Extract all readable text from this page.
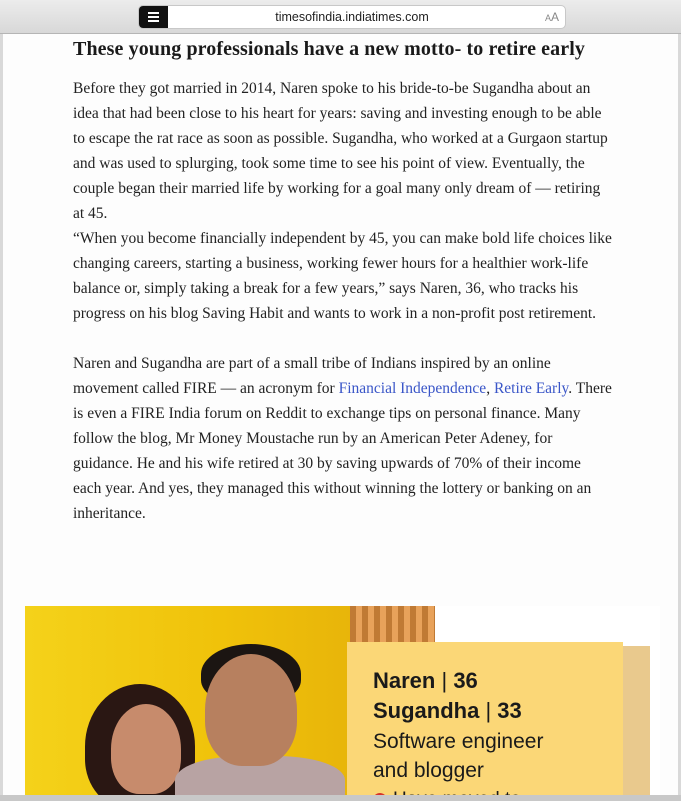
timesofindia.indiatimes.com	AA
These young professionals have a new motto- to retire early

Before they got married in 2014, Naren spoke to his bride-to-be Sugandha about an idea that had been close to his heart for years: saving and investing enough to be able to escape the rat race as soon as possible. Sugandha, who worked at a Gurgaon startup and was used to splurging, took some time to see his point of view. Eventually, the couple began their married life by working for a goal many only dream of — retiring at 45.

“When you become financially independent by 45, you can make bold life choices like changing careers, starting a business, working fewer hours for a healthier work-life balance or, simply taking a break for a few years,” says Naren, 36, who tracks his progress on his blog Saving Habit and wants to work in a non-profit post retirement.

Naren and Sugandha are part of a small tribe of Indians inspired by an online movement called FIRE — an acronym for Financial Independence, Retire Early. There is even a FIRE India forum on Reddit to exchange tips on personal finance. Many follow the blog, Mr Money Moustache run by an American Peter Adeney, for guidance. He and his wife retired at 30 by saving upwards of 70% of their income each year. And yes, they managed this without winning the lottery or banking on an inheritance.

Naren | 36
Sugandha | 33
Software engineer
and blogger
